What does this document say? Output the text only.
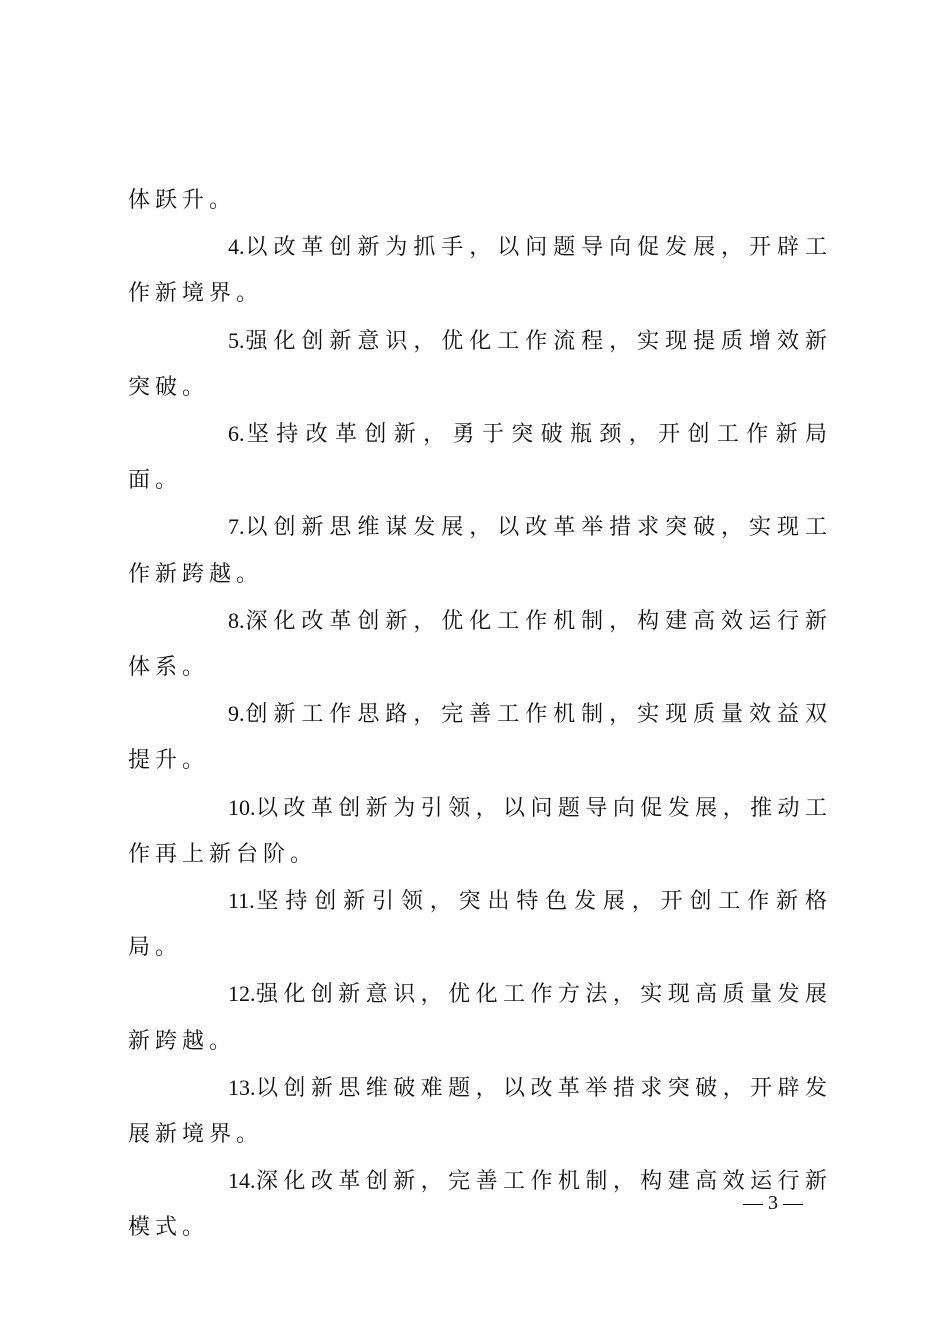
体跃升。

4.以改革创新为抓手，以问题导向促发展，开辟工作新境界。

5.强化创新意识，优化工作流程，实现提质增效新突破。

6.坚持改革创新，勇于突破瓶颈，开创工作新局面。

7.以创新思维谋发展，以改革举措求突破，实现工作新跨越。

8.深化改革创新，优化工作机制，构建高效运行新体系。

9.创新工作思路，完善工作机制，实现质量效益双提升。

10.以改革创新为引领，以问题导向促发展，推动工作再上新台阶。

11.坚持创新引领，突出特色发展，开创工作新格局。

12.强化创新意识，优化工作方法，实现高质量发展新跨越。

13.以创新思维破难题，以改革举措求突破，开辟发展新境界。

14.深化改革创新，完善工作机制，构建高效运行新模式。

— 3 —
